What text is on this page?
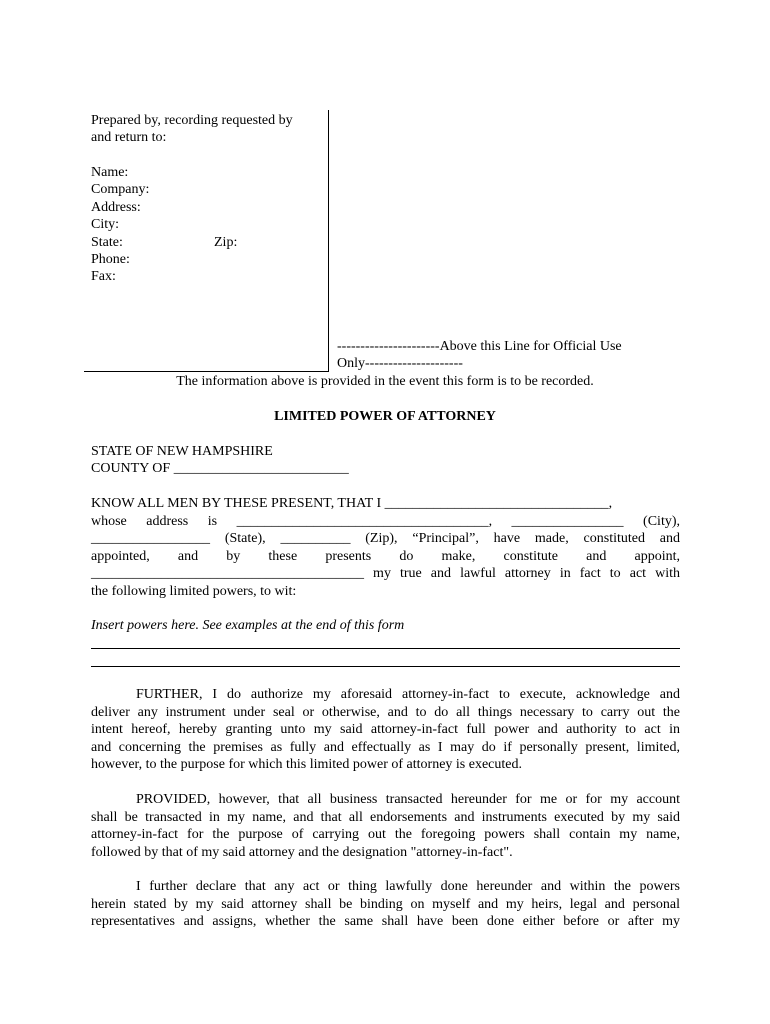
Prepared by, recording requested by
and return to:
Name:
Company:
Address:
City:
State:	Zip:
Phone:
Fax:
----------------------Above this Line for Official Use
Only---------------------
The information above is provided in the event this form is to be recorded.
LIMITED POWER OF ATTORNEY
STATE OF NEW HAMPSHIRE
COUNTY OF _________________________
KNOW ALL MEN BY THESE PRESENT, THAT I ________________________________,
whose address is ____________________________________, ________________ (City),
_________________ (State), __________ (Zip), “Principal”, have made, constituted and
appointed, and by these presents do make, constitute and appoint,
_______________________________________ my true and lawful attorney in fact to act with
the following limited powers, to wit:
Insert powers here. See examples at the end of this form
FURTHER, I do authorize my aforesaid attorney-in-fact to execute, acknowledge and
deliver any instrument under seal or otherwise, and to do all things necessary to carry out the
intent hereof, hereby granting unto my said attorney-in-fact full power and authority to act in
and concerning the premises as fully and effectually as I may do if personally present, limited,
however, to the purpose for which this limited power of attorney is executed.
PROVIDED, however, that all business transacted hereunder for me or for my account
shall be transacted in my name, and that all endorsements and instruments executed by my said
attorney-in-fact for the purpose of carrying out the foregoing powers shall contain my name,
followed by that of my said attorney and the designation "attorney-in-fact".
I further declare that any act or thing lawfully done hereunder and within the powers
herein stated by my said attorney shall be binding on myself and my heirs, legal and personal
representatives and assigns, whether the same shall have been done either before or after my
